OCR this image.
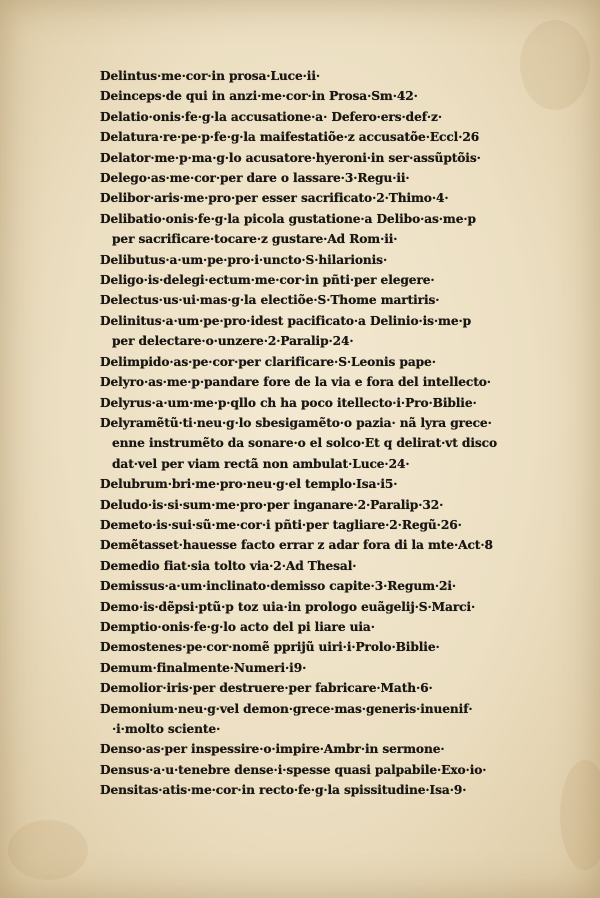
Delintus·me·cor·in prosa·Luce·ii·
Deinceps·de qui in anzi·me·cor·in Prosa·Sm·42·
Delatio·onis·fe·g·la accusatione·a· Defero·ers·def·z·
Delatura·re·pe·p·fe·g·la maifestatiõe·z accusatõe·Eccl·26
Delator·me·p·ma·g·lo acusatore·hyeroni·in ser·assũptõis·
Delego·as·me·cor·per dare o lassare·3·Regu·ii·
Delibor·aris·me·pro·per esser sacrificato·2·Thimo·4·
Delibatio·onis·fe·g·la picola gustatione·a Delibo·as·me·p
per sacrificare·tocare·z gustare·Ad Rom·ii·
Delibutus·a·um·pe·pro·i·uncto·S·hilarionis·
Deligo·is·delegi·ectum·me·cor·in pñti·per elegere·
Delectus·us·ui·mas·g·la electiõe·S·Thome martiris·
Delinitus·a·um·pe·pro·idest pacificato·a Delinio·is·me·p
per delectare·o·unzere·2·Paralip·24·
Delimpido·as·pe·cor·per clarificare·S·Leonis pape·
Delyro·as·me·p·pandare fore de la via e fora del intellecto·
Delyrus·a·um·me·p·qllo ch ha poco itellecto·i·Pro·Biblie·
Delyramẽtũ·ti·neu·g·lo sbesigamẽto·o pazia· nã lyra grece·
enne instrumẽto da sonare·o el solco·Et q delirat·vt disco
dat·vel per viam rectã non ambulat·Luce·24·
Delubrum·bri·me·pro·neu·g·el templo·Isa·i5·
Deludo·is·si·sum·me·pro·per inganare·2·Paralip·32·
Demeto·is·sui·sũ·me·cor·i pñti·per tagliare·2·Regũ·26·
Demẽtasset·hauesse facto errar z adar fora di la mte·Act·8
Demedio fiat·sia tolto via·2·Ad Thesal·
Demissus·a·um·inclinato·demisso capite·3·Regum·2i·
Demo·is·dẽpsi·ptũ·p toz uia·in prologo euãgelij·S·Marci·
Demptio·onis·fe·g·lo acto del pi liare uia·
Demostenes·pe·cor·nomẽ pprijũ uiri·i·Prolo·Biblie·
Demum·finalmente·Numeri·i9·
Demolior·iris·per destruere·per fabricare·Math·6·
Demonium·neu·g·vel demon·grece·mas·generis·inuenif·
·i·molto sciente·
Denso·as·per inspessire·o·impire·Ambr·in sermone·
Densus·a·u·tenebre dense·i·spesse quasi palpabile·Exo·io·
Densitas·atis·me·cor·in recto·fe·g·la spissitudine·Isa·9·
